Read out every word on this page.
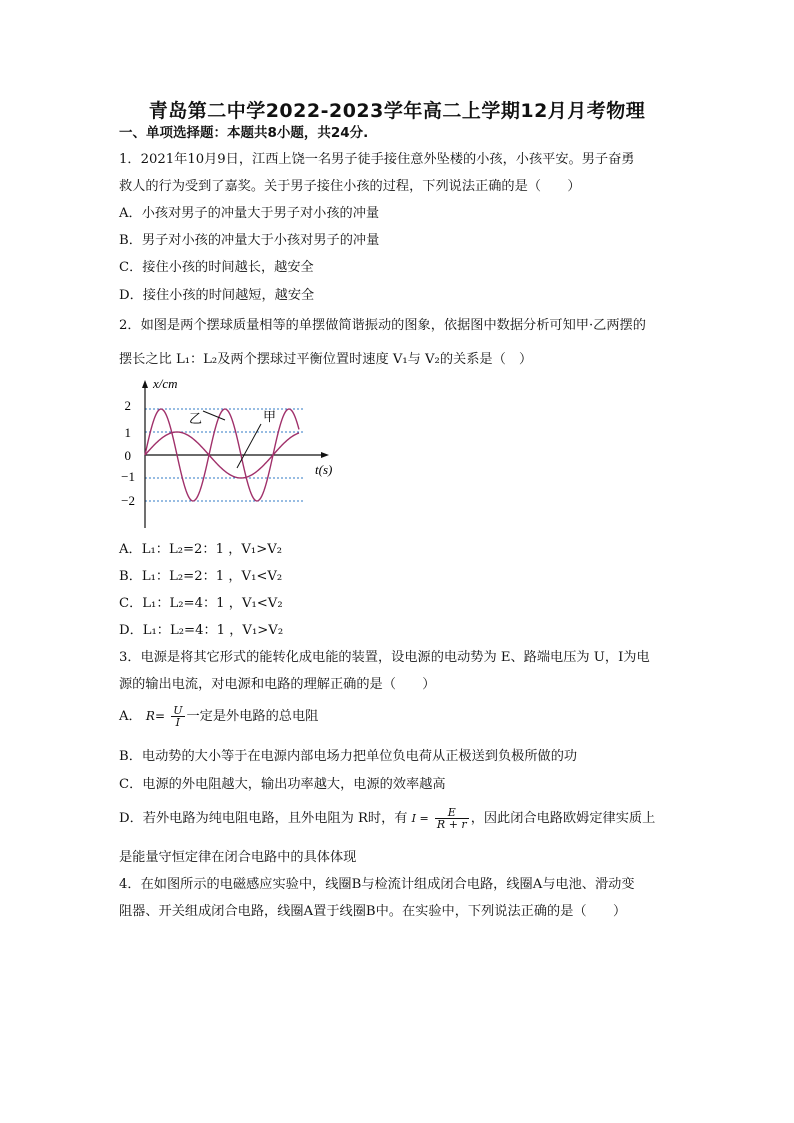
青岛第二中学2022-2023学年高二上学期12月月考物理
一、单项选择题：本题共8小题，共24分.
1．2021年10月9日，江西上饶一名男子徒手接住意外坠楼的小孩，小孩平安。男子奋勇
救人的行为受到了嘉奖。关于男子接住小孩的过程，下列说法正确的是（　　）
A．小孩对男子的冲量大于男子对小孩的冲量
B．男子对小孩的冲量大于小孩对男子的冲量
C．接住小孩的时间越长，越安全
D．接住小孩的时间越短，越安全
2．如图是两个摆球质量相等的单摆做简谐振动的图象，依据图中数据分析可知甲·乙两摆的
摆长之比 L₁：L₂及两个摆球过平衡位置时速度 V₁与 V₂的关系是（　）
x/cm
t(s)
2
1
0
−1
−2
乙	甲
A．L₁：L₂=2：1 ，V₁>V₂
B．L₁：L₂=2：1 ，V₁<V₂
C．L₁：L₂=4：1 ，V₁<V₂
D．L₁：L₂=4：1 ，V₁>V₂
3．电源是将其它形式的能转化成电能的装置，设电源的电动势为 E、路端电压为 U，I为电
源的输出电流，对电源和电路的理解正确的是（　　）
A． $R= \frac{U}{I}$ 一定是外电路的总电阻
B．电动势的大小等于在电源内部电场力把单位负电荷从正极送到负极所做的功
C．电源的外电阻越大，输出功率越大，电源的效率越高
D．若外电路为纯电阻电路，且外电阻为 R时，有 $I = \frac{E}{R + r}$ ，因此闭合电路欧姆定律实质上
是能量守恒定律在闭合电路中的具体体现
4．在如图所示的电磁感应实验中，线圈B与检流计组成闭合电路，线圈A与电池、滑动变
阻器、开关组成闭合电路，线圈A置于线圈B中。在实验中，下列说法正确的是（　　）
